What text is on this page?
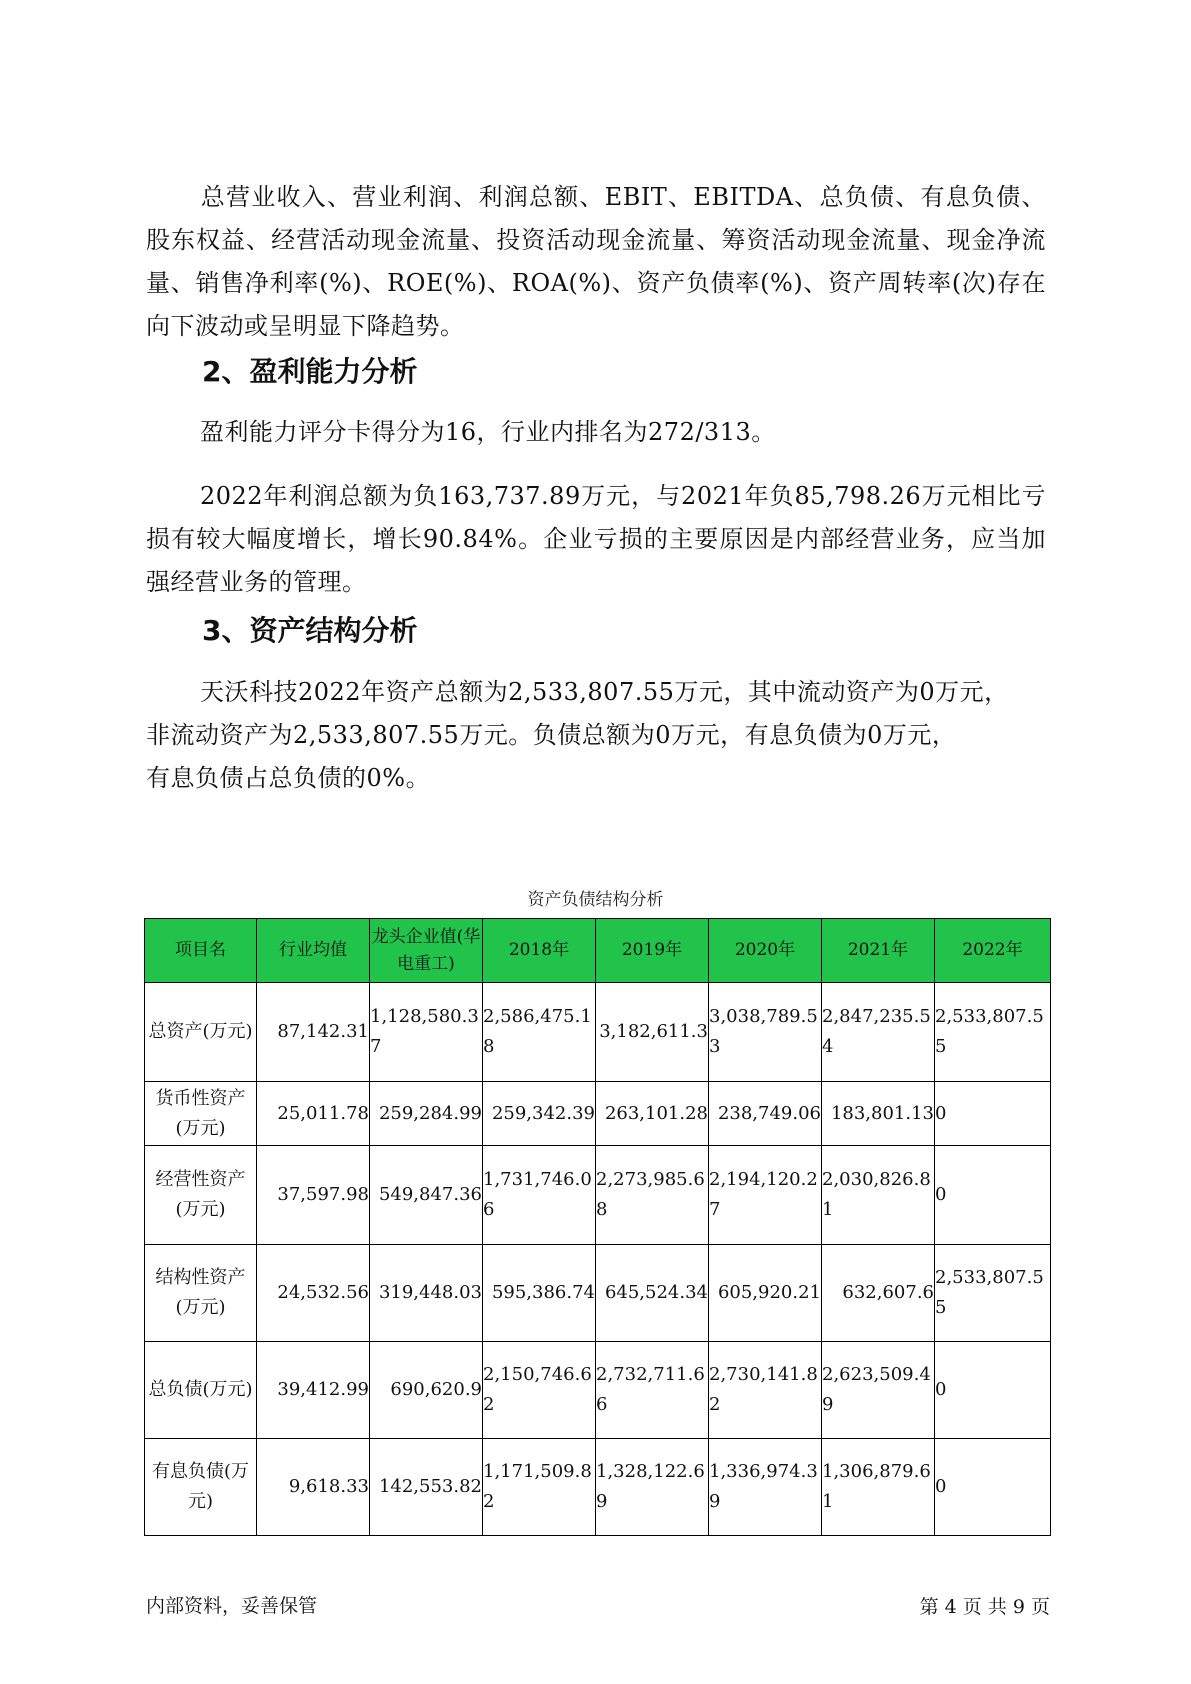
总营业收入、营业利润、利润总额、EBIT、EBITDA、总负债、有息负债、股东权益、经营活动现金流量、投资活动现金流量、筹资活动现金流量、现金净流量、销售净利率(%)、ROE(%)、ROA(%)、资产负债率(%)、资产周转率(次)存在向下波动或呈明显下降趋势。
2、盈利能力分析
盈利能力评分卡得分为16，行业内排名为272/313。
2022年利润总额为负163,737.89万元，与2021年负85,798.26万元相比亏损有较大幅度增长，增长90.84%。企业亏损的主要原因是内部经营业务，应当加强经营业务的管理。
3、资产结构分析
天沃科技2022年资产总额为2,533,807.55万元，其中流动资产为0万元，
非流动资产为2,533,807.55万元。负债总额为0万元，有息负债为0万元，
有息负债占总负债的0%。
资产负债结构分析
项目名	行业均值	龙头企业值(华电重工)	2018年	2019年	2020年	2021年	2022年
总资产(万元)	87,142.31	1,128,580.37	2,586,475.18	3,182,611.3	3,038,789.53	2,847,235.54	2,533,807.55
货币性资产(万元)	25,011.78	259,284.99	259,342.39	263,101.28	238,749.06	183,801.13	0
经营性资产(万元)	37,597.98	549,847.36	1,731,746.06	2,273,985.68	2,194,120.27	2,030,826.81	0
结构性资产(万元)	24,532.56	319,448.03	595,386.74	645,524.34	605,920.21	632,607.6	2,533,807.55
总负债(万元)	39,412.99	690,620.9	2,150,746.62	2,732,711.66	2,730,141.82	2,623,509.49	0
有息负债(万元)	9,618.33	142,553.82	1,171,509.82	1,328,122.69	1,336,974.39	1,306,879.61	0
内部资料，妥善保管	第 4 页 共 9 页
